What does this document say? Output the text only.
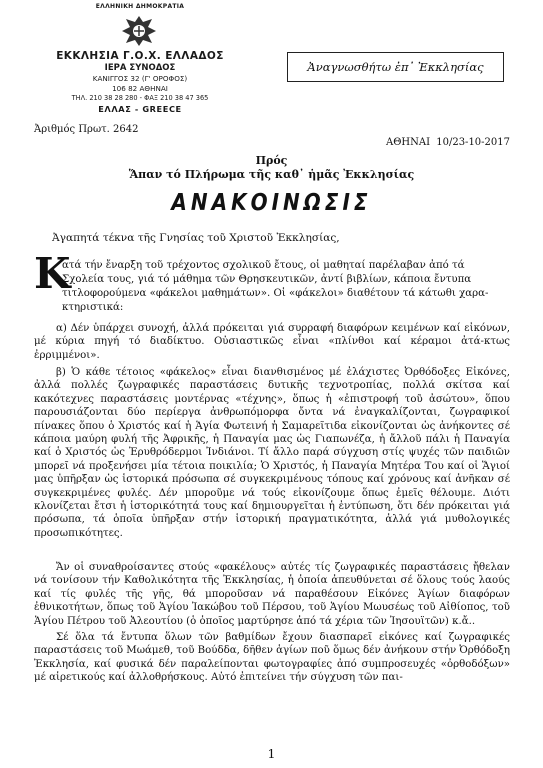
ΕΛΛΗΝΙΚΗ ΔΗΜΟΚΡΑΤΙΑ
ΕΚΚΛΗΣΙΑ Γ.Ο.Χ. ΕΛΛΑΔΟΣ
ΙΕΡΑ ΣΥΝΟΔΟΣ
ΚΑΝΙΓΓΟΣ 32 (Γ' ΟΡΟΦΟΣ)
106 82 ΑΘΗΝΑΙ
ΤΗΛ. 210 38 28 280 - ΦΑΞ 210 38 47 365
ΕΛΛΑΣ - GREECE
Ἀναγνωσθήτω ἐπ᾽ Ἐκκλησίας
Ἀριθμός Πρωτ. 2642
ΑΘΗΝΑΙ 10/23-10-2017
Πρός
Ἅπαν τό Πλήρωμα τῆς καθ᾽ ἡμᾶς Ἐκκλησίας
ΑΝΑΚΟΙΝΩΣΙΣ
Ἀγαπητά τέκνα τῆς Γνησίας τοῦ Χριστοῦ Ἐκκλησίας,
Κ
ατά τήν ἔναρξη τοῦ τρέχοντος σχολικοῦ ἔτους, οἱ μαθηταί παρέλαβαν ἀπό τά
Σχολεία τους, γιά τό μάθημα τῶν Θρησκευτικῶν, ἀντί βιβλίων, κάποια ἔντυπα
τιτλοφορούμενα «φάκελοι μαθημάτων». Οἱ «φάκελοι» διαθέτουν τά κάτωθι χαρα-
κτηριστικά:

α) Δέν ὑπάρχει συνοχή, ἀλλά πρόκειται γιά συρραφή διαφόρων κειμένων καί εἰκόνων, μέ κύρια πηγή τό διαδίκτυο. Οὐσιαστικῶς εἶναι «πλίνθοι καί κέραμοι ἀτά-κτως ἐρριμμένοι».

β) Ὁ κάθε τέτοιος «φάκελος» εἶναι διανθισμένος μέ ἐλάχιστες Ὀρθόδοξες Εἰκόνες, ἀλλά πολλές ζωγραφικές παραστάσεις δυτικῆς τεχνοτροπίας, πολλά σκίτσα καί κακότεχνες παραστάσεις μοντέρνας «τέχνης», ὅπως ἡ «ἐπιστροφή τοῦ ἀσώτου», ὅπου παρουσιάζονται δύο περίεργα ἀνθρωπόμορφα ὄντα νά ἐναγκαλίζονται, ζωγραφικοί πίνακες ὅπου ὁ Χριστός καί ἡ Ἁγία Φωτεινή ἡ Σαμαρεῖτιδα εἰκονίζονται ὡς ἀνήκοντες σέ κάποια μαύρη φυλή τῆς Ἀφρικῆς, ἡ Παναγία μας ὡς Γιαπωνέζα, ἡ ἄλλοῦ πάλι ἡ Παναγία καί ὁ Χριστός ὡς Ἐρυθρόδερμοι Ἰνδιάνοι. Τί ἄλλο παρά σύγχυση στίς ψυχές τῶν παιδιῶν μπορεῖ νά προξενήσει μία τέτοια ποικιλία; Ὁ Χριστός, ἡ Παναγία Μητέρα Του καί οἱ Ἅγιοί μας ὑπῆρξαν ὡς ἱστορικά πρόσωπα σέ συγκεκριμένους τόπους καί χρόνους καί ἀνῆκαν σέ συγκεκριμένες φυλές. Δέν μποροῦμε νά τούς εἰκονίζουμε ὅπως ἐμεῖς θέλουμε. Διότι κλονίζεται ἔτσι ἡ ἱστορικότητά τους καί δημιουργεῖται ἡ ἐντύπωση, ὅτι δέν πρόκειται γιά πρόσωπα, τά ὁποῖα ὑπῆρξαν στήν ἱστορική πραγματικότητα, ἀλλά γιά μυθολογικές προσωπικότητες.

Ἄν οἱ συναθροίσαντες στούς «φακέλους» αὐτές τίς ζωγραφικές παραστάσεις ἤθελαν νά τονίσουν τήν Καθολικότητα τῆς Ἐκκλησίας, ἡ ὁποία ἀπευθύνεται σέ ὅλους τούς λαούς καί τίς φυλές τῆς γῆς, θά μποροῦσαν νά παραθέσουν Εἰκόνες Ἁγίων διαφόρων ἐθνικοτήτων, ὅπως τοῦ Ἁγίου Ἰακώβου τοῦ Πέρσου, τοῦ Ἁγίου Μωυσέως τοῦ Αἰθίοπος, τοῦ Ἁγίου Πέτρου τοῦ Ἀλεουτίου (ὁ ὁποῖος μαρτύρησε ἀπό τά χέρια τῶν Ἰησουϊτῶν) κ.ἄ..

Σέ ὅλα τά ἔντυπα ὅλων τῶν βαθμίδων ἔχουν διασπαρεῖ εἰκόνες καί ζωγραφικές παραστάσεις τοῦ Μωάμεθ, τοῦ Βούδδα, δῆθεν ἁγίων ποῦ ὅμως δέν ἀνήκουν στήν Ὀρθόδοξη Ἐκκλησία, καί φυσικά δέν παραλείπονται φωτογραφίες ἀπό συμπροσευχές «ὀρθοδόξων» μέ αἱρετικούς καί ἀλλοθρήσκους. Αὐτό ἐπιτείνει τήν σύγχυση τῶν παι-

1
